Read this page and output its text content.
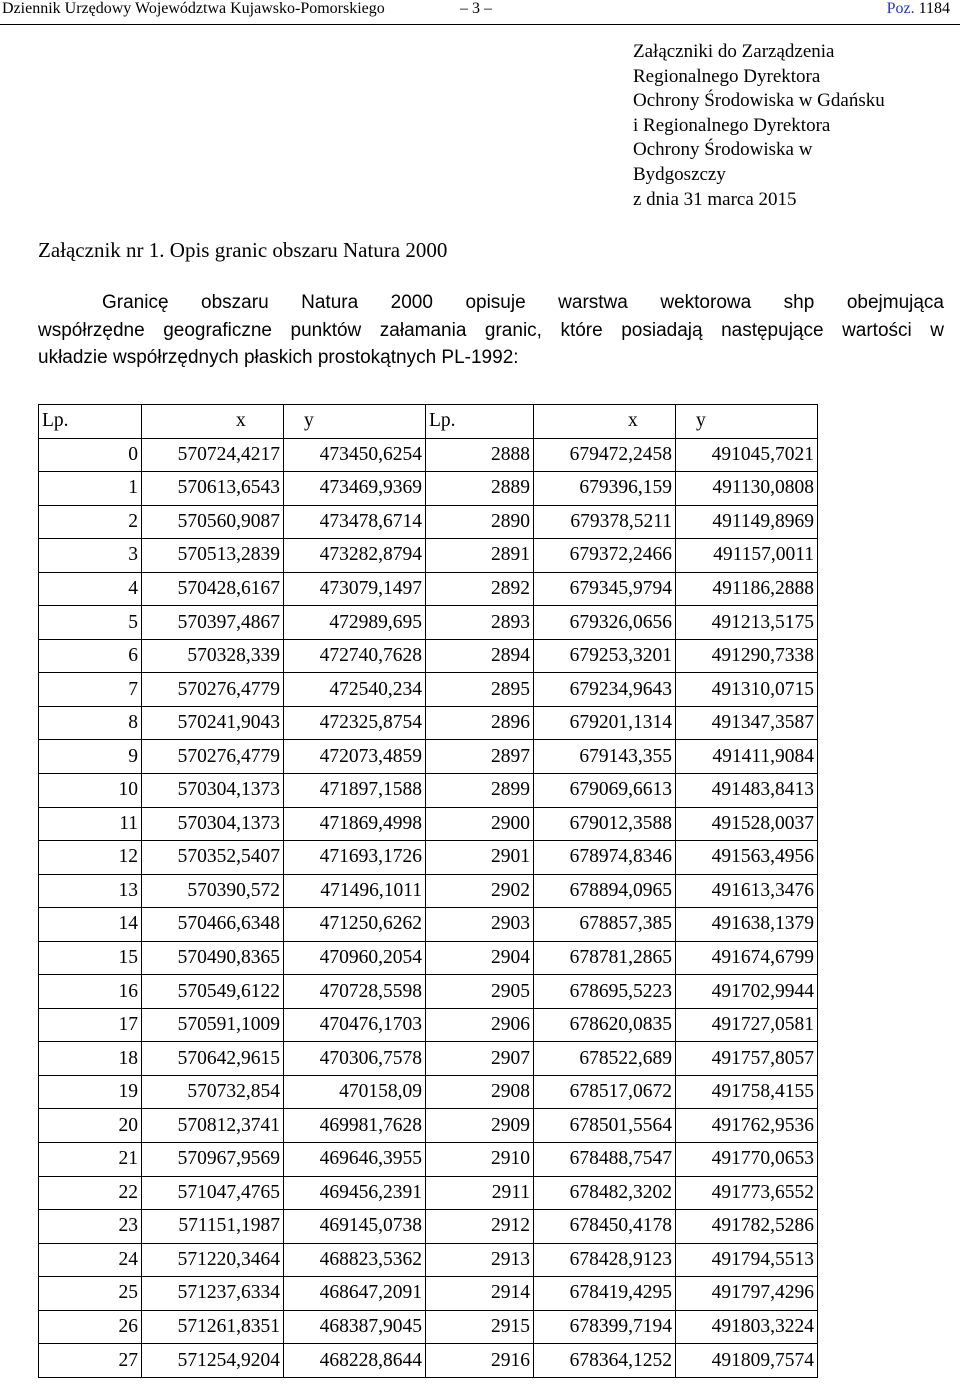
Dziennik Urzędowy Województwa Kujawsko-Pomorskiego	– 3 –	Poz. 1184
Załączniki do Zarządzenia
Regionalnego Dyrektora
Ochrony Środowiska w Gdańsku
i Regionalnego Dyrektora
Ochrony Środowiska w
Bydgoszczy
z dnia 31 marca 2015
Załącznik nr 1. Opis granic obszaru Natura 2000
Granicę obszaru Natura 2000 opisuje warstwa wektorowa shp obejmująca
współrzędne geograficzne punktów załamania granic, które posiadają następujące wartości w
układzie współrzędnych płaskich prostokątnych PL-1992:
Lp.	x	y	Lp.	x	y
0	570724,4217	473450,6254	2888	679472,2458	491045,7021
1	570613,6543	473469,9369	2889	679396,159	491130,0808
2	570560,9087	473478,6714	2890	679378,5211	491149,8969
3	570513,2839	473282,8794	2891	679372,2466	491157,0011
4	570428,6167	473079,1497	2892	679345,9794	491186,2888
5	570397,4867	472989,695	2893	679326,0656	491213,5175
6	570328,339	472740,7628	2894	679253,3201	491290,7338
7	570276,4779	472540,234	2895	679234,9643	491310,0715
8	570241,9043	472325,8754	2896	679201,1314	491347,3587
9	570276,4779	472073,4859	2897	679143,355	491411,9084
10	570304,1373	471897,1588	2899	679069,6613	491483,8413
11	570304,1373	471869,4998	2900	679012,3588	491528,0037
12	570352,5407	471693,1726	2901	678974,8346	491563,4956
13	570390,572	471496,1011	2902	678894,0965	491613,3476
14	570466,6348	471250,6262	2903	678857,385	491638,1379
15	570490,8365	470960,2054	2904	678781,2865	491674,6799
16	570549,6122	470728,5598	2905	678695,5223	491702,9944
17	570591,1009	470476,1703	2906	678620,0835	491727,0581
18	570642,9615	470306,7578	2907	678522,689	491757,8057
19	570732,854	470158,09	2908	678517,0672	491758,4155
20	570812,3741	469981,7628	2909	678501,5564	491762,9536
21	570967,9569	469646,3955	2910	678488,7547	491770,0653
22	571047,4765	469456,2391	2911	678482,3202	491773,6552
23	571151,1987	469145,0738	2912	678450,4178	491782,5286
24	571220,3464	468823,5362	2913	678428,9123	491794,5513
25	571237,6334	468647,2091	2914	678419,4295	491797,4296
26	571261,8351	468387,9045	2915	678399,7194	491803,3224
27	571254,9204	468228,8644	2916	678364,1252	491809,7574
